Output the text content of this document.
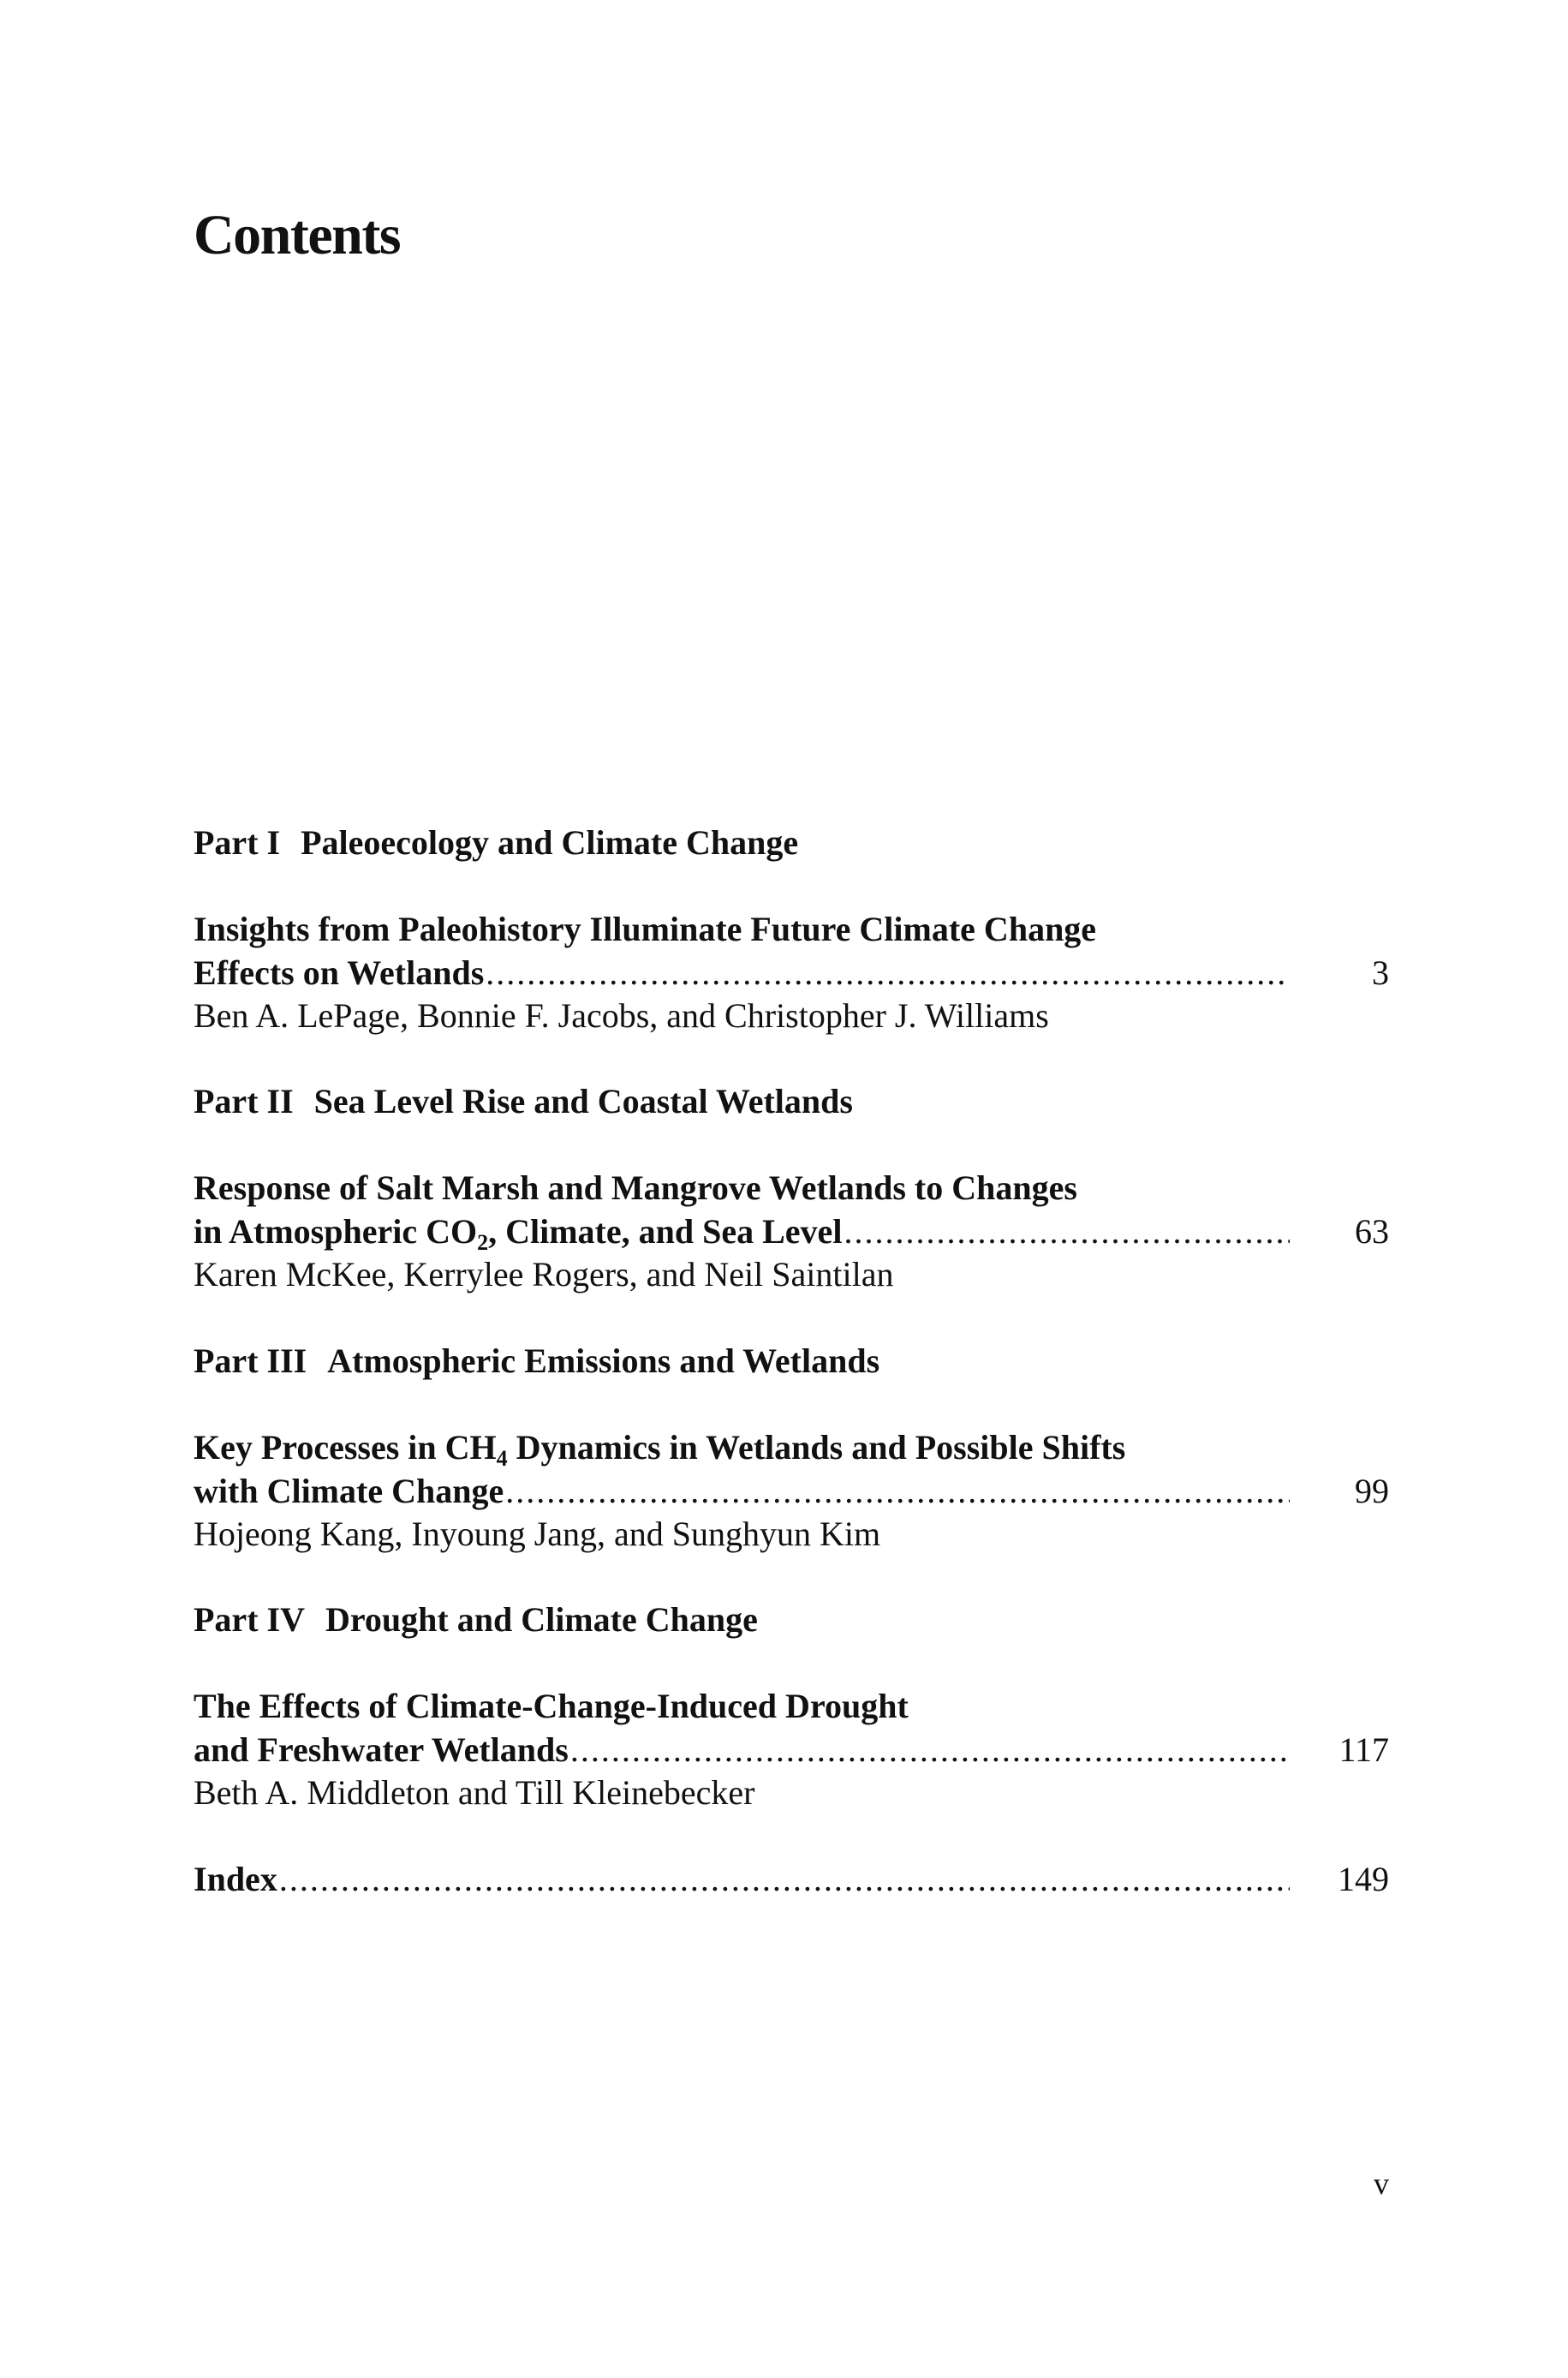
Contents
Part I Paleoecology and Climate Change
Insights from Paleohistory Illuminate Future Climate Change
Effects on Wetlands .....	3
Ben A. LePage, Bonnie F. Jacobs, and Christopher J. Williams
Part II Sea Level Rise and Coastal Wetlands
Response of Salt Marsh and Mangrove Wetlands to Changes
in Atmospheric $CO_2$, Climate, and Sea Level .....	63
Karen McKee, Kerrylee Rogers, and Neil Saintilan
Part III Atmospheric Emissions and Wetlands
Key Processes in $CH_4$ Dynamics in Wetlands and Possible Shifts
with Climate Change .....	99
Hojeong Kang, Inyoung Jang, and Sunghyun Kim
Part IV Drought and Climate Change
The Effects of Climate-Change-Induced Drought
and Freshwater Wetlands .....	117
Beth A. Middleton and Till Kleinebecker
Index .....	149
v
